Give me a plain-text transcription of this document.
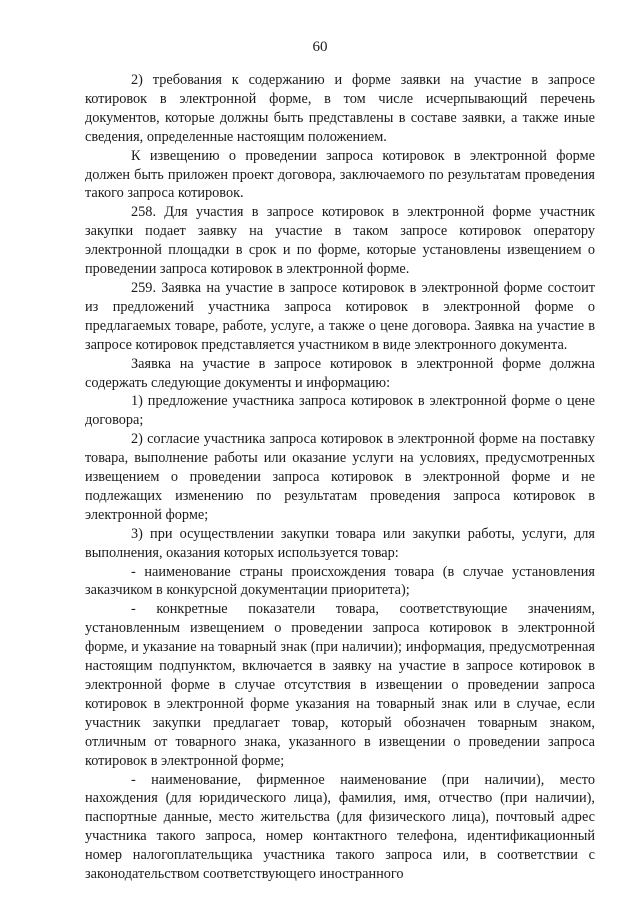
60

2) требования к содержанию и форме заявки на участие в запросе котировок в электронной форме, в том числе исчерпывающий перечень документов, которые должны быть представлены в составе заявки, а также иные сведения, определенные настоящим положением.

К извещению о проведении запроса котировок в электронной форме должен быть приложен проект договора, заключаемого по результатам проведения такого запроса котировок.

258. Для участия в запросе котировок в электронной форме участник закупки подает заявку на участие в таком запросе котировок оператору электронной площадки в срок и по форме, которые установлены извещением о проведении запроса котировок в электронной форме.

259. Заявка на участие в запросе котировок в электронной форме состоит из предложений участника запроса котировок в электронной форме о предлагаемых товаре, работе, услуге, а также о цене договора. Заявка на участие в запросе котировок представляется участником в виде электронного документа.

Заявка на участие в запросе котировок в электронной форме должна содержать следующие документы и информацию:

1) предложение участника запроса котировок в электронной форме о цене договора;

2) согласие участника запроса котировок в электронной форме на поставку товара, выполнение работы или оказание услуги на условиях, предусмотренных извещением о проведении запроса котировок в электронной форме и не подлежащих изменению по результатам проведения запроса котировок в электронной форме;

3) при осуществлении закупки товара или закупки работы, услуги, для выполнения, оказания которых используется товар:

- наименование страны происхождения товара (в случае установления заказчиком в конкурсной документации приоритета);

- конкретные показатели товара, соответствующие значениям, установленным извещением о проведении запроса котировок в электронной форме, и указание на товарный знак (при наличии); информация, предусмотренная настоящим подпунктом, включается в заявку на участие в запросе котировок в электронной форме в случае отсутствия в извещении о проведении запроса котировок в электронной форме указания на товарный знак или в случае, если участник закупки предлагает товар, который обозначен товарным знаком, отличным от товарного знака, указанного в извещении о проведении запроса котировок в электронной форме;

- наименование, фирменное наименование (при наличии), место нахождения (для юридического лица), фамилия, имя, отчество (при наличии), паспортные данные, место жительства (для физического лица), почтовый адрес участника такого запроса, номер контактного телефона, идентификационный номер налогоплательщика участника такого запроса или, в соответствии с законодательством соответствующего иностранного
